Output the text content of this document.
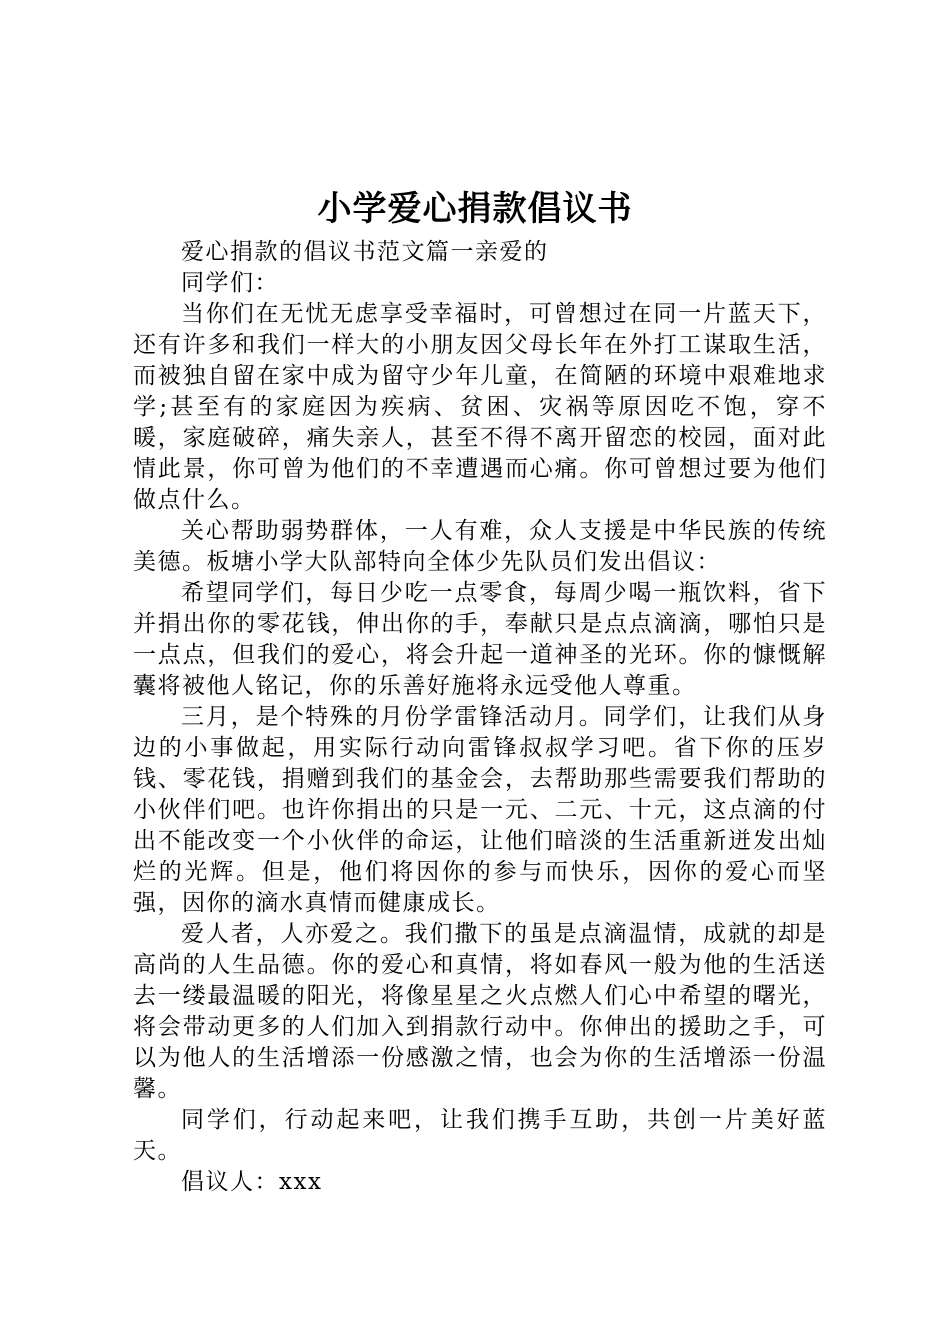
小学爱心捐款倡议书

爱心捐款的倡议书范文篇一亲爱的

同学们：

当你们在无忧无虑享受幸福时，可曾想过在同一片蓝天下，还有许多和我们一样大的小朋友因父母长年在外打工谋取生活，而被独自留在家中成为留守少年儿童，在简陋的环境中艰难地求学;甚至有的家庭因为疾病、贫困、灾祸等原因吃不饱，穿不暖，家庭破碎，痛失亲人，甚至不得不离开留恋的校园，面对此情此景，你可曾为他们的不幸遭遇而心痛。你可曾想过要为他们做点什么。

关心帮助弱势群体，一人有难，众人支援是中华民族的传统美德。板塘小学大队部特向全体少先队员们发出倡议：

希望同学们，每日少吃一点零食，每周少喝一瓶饮料，省下并捐出你的零花钱，伸出你的手，奉献只是点点滴滴，哪怕只是一点点，但我们的爱心，将会升起一道神圣的光环。你的慷慨解囊将被他人铭记，你的乐善好施将永远受他人尊重。

三月，是个特殊的月份学雷锋活动月。同学们，让我们从身边的小事做起，用实际行动向雷锋叔叔学习吧。省下你的压岁钱、零花钱，捐赠到我们的基金会，去帮助那些需要我们帮助的小伙伴们吧。也许你捐出的只是一元、二元、十元，这点滴的付出不能改变一个小伙伴的命运，让他们暗淡的生活重新迸发出灿烂的光辉。但是，他们将因你的参与而快乐，因你的爱心而坚强，因你的滴水真情而健康成长。

爱人者，人亦爱之。我们撒下的虽是点滴温情，成就的却是高尚的人生品德。你的爱心和真情，将如春风一般为他的生活送去一缕最温暖的阳光，将像星星之火点燃人们心中希望的曙光，将会带动更多的人们加入到捐款行动中。你伸出的援助之手，可以为他人的生活增添一份感激之情，也会为你的生活增添一份温馨。

同学们，行动起来吧，让我们携手互助，共创一片美好蓝天。

倡议人：xxx
